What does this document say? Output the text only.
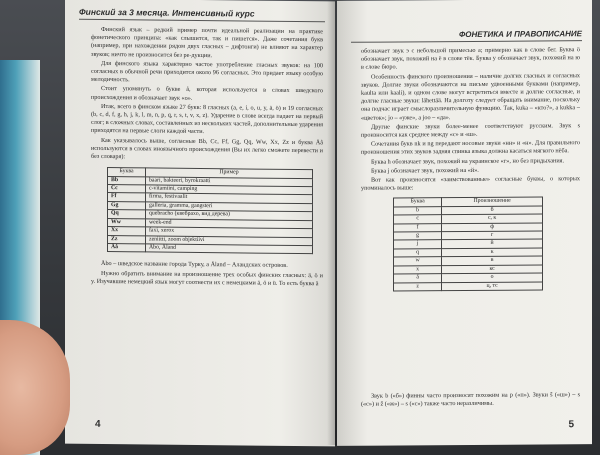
Финский за 3 месяца. Интенсивный курс

Финский язык – редкий пример почти идеальной реализации на практике фонетического принципа: «как слышится, так и пишется». Даже сочетания букв (например, при нахождении рядом двух гласных – дифтонги) не влияют на характер звуков; ничто не произносится без ре-дукции.

Для финского языка характерно частое употребление гласных звуков: на 100 согласных в обычной речи приходится около 96 согласных. Это придает языку особую мелодичность.

Стоит упомянуть о букве å, которая используется в словах шведского происхождения и обозначает звук «о».

Итак, всего в финском языке 27 букв: 8 гласных (a, e, i, o, u, y, ä, ö) и 19 согласных (b, c, d, f, g, h, j, k, l, m, n, p, q, r, s, t, v, x, z). Ударение в слове всегда падает на первый слог; в сложных словах, составленных из нескольких частей, дополнительные ударения приходятся на первые слоги каждой части.

Как указывалось выше, согласные Bb, Cc, Ff, Gg, Qq, Ww, Xx, Zz и буква Åå используются в словах иноязычного происхождения (Вы их легко сможете перевести и без словаря):

Буква	Пример
Bb	baari, bakteeri, byrokraatti
Cc	c-vitamiini, camping
Ff	firma, festivaalit
Gg	galleria, gramma, gangsteri
Qq	quebracho (квебрахо, вид дерева)
Ww	week-end
Xx	faxi, xerox
Zz	zeniitti, zoom objektiivi
Åå	Åbo, Åland

Åbo – шведское название города Турку, а Åland – Аландских островов.

Нужно обратить внимание на произношение трех особых финских гласных: ä, ö и y. Изучавшие немецкий язык могут соотнести их с немецкими ä, ö и ü. То есть буква ä

4
ФОНЕТИКА И ПРАВОПИСАНИЕ

обозначает звук э с небольшой примесью а; примерно как в слове бег. Буква ö обозначает звук, похожий на ё в слове тёк. Буква y обозначает звук, похожий на ю в слове бюро.

Особенность финского произношения – наличие долгих гласных и согласных звуков. Долгие звуки обозначаются на письме удвоенными буквами (например, kaulta или kaali), и одном слове могут встретиться вместе и долгие согласные, и долгие гласные звуки: lähettää. На долготу следует обращать внимание, поскольку она подчас играет смыслоразличительную функцию. Так, kuka – «кто?», a kukka – «цветок»; jo – «уже», a joo – «да».

Другие финские звуки более-менее соответствуют русским. Звук s произносится как среднее между «с» и «ш».

Сочетания букв nk и ng передают носовые звуки «нн» и «н». Для правильного произношения этих звуков задняя спинка языка должна касаться мягкого нёба.

Буква h обозначает звук, похожий на украинское «г», но без придыхания.

Буква j обозначает звук, похожий на «й».

Вот как произносятся «заимствованные» согласные буквы, о которых упоминалось выше:

Буква	Произношение
b	б
c	с, к
f	ф
g	г
j	й
q	к
w	в
x	кс
å	о
z	ц, тс

Звук b («б») финны часто произносят похожим на p («п»). Звуки š («ш») – s («с») и ž («ж») – s («с») также часто неразличимы.

5
